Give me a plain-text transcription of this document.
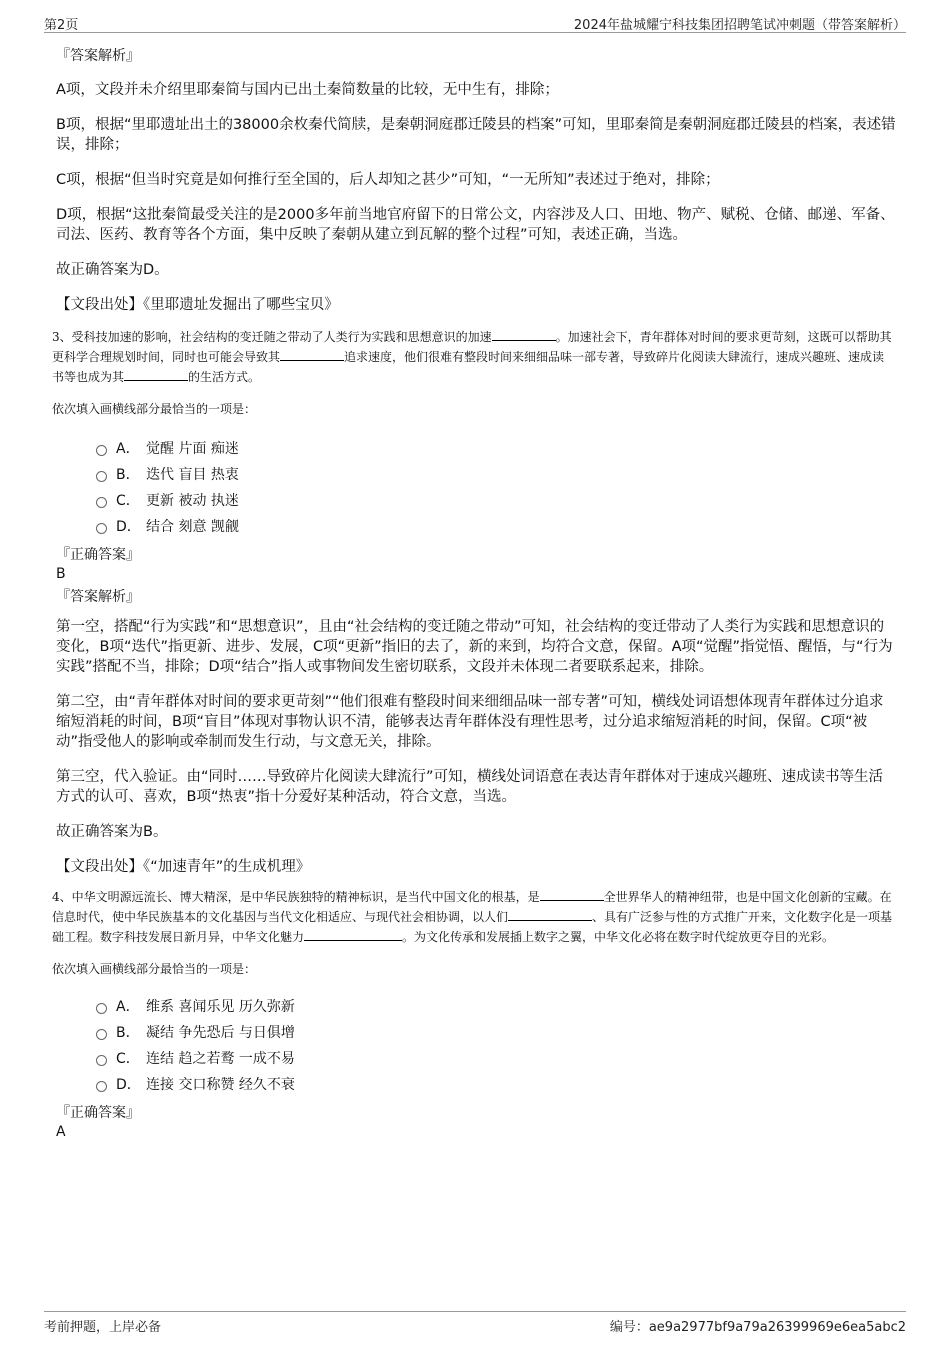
第2页	2024年盐城耀宁科技集团招聘笔试冲刺题（带答案解析）

『答案解析』

A项，文段并未介绍里耶秦简与国内已出土秦简数量的比较，无中生有，排除；

B项，根据“里耶遗址出土的38000余枚秦代简牍，是秦朝洞庭郡迁陵县的档案”可知，里耶秦简是秦朝洞庭郡迁陵县的档案，表述错误，排除；

C项，根据“但当时究竟是如何推行至全国的，后人却知之甚少”可知，“一无所知”表述过于绝对，排除；

D项，根据“这批秦简最受关注的是2000多年前当地官府留下的日常公文，内容涉及人口、田地、物产、赋税、仓储、邮递、军备、司法、医药、教育等各个方面，集中反映了秦朝从建立到瓦解的整个过程”可知，表述正确，当选。

故正确答案为D。

【文段出处】《里耶遗址发掘出了哪些宝贝》

3、受科技加速的影响，社会结构的变迁随之带动了人类行为实践和思想意识的加速	。加速社会下，青年群体对时间的要求更苛刻，这既可以帮助其更科学合理规划时间，同时也可能会导致其	追求速度，他们很难有整段时间来细细品味一部专著，导致碎片化阅读大肆流行，速成兴趣班、速成读书等也成为其	的生活方式。

依次填入画横线部分最恰当的一项是：

A． 觉醒 片面 痴迷
B． 迭代 盲目 热衷
C． 更新 被动 执迷
D． 结合 刻意 觊觎

『正确答案』

B

『答案解析』

第一空，搭配“行为实践”和“思想意识”，且由“社会结构的变迁随之带动”可知，社会结构的变迁带动了人类行为实践和思想意识的变化，B项“迭代”指更新、进步、发展，C项“更新”指旧的去了，新的来到，均符合文意，保留。A项“觉醒”指觉悟、醒悟，与“行为实践”搭配不当，排除；D项“结合”指人或事物间发生密切联系，文段并未体现二者要联系起来，排除。

第二空，由“青年群体对时间的要求更苛刻”“他们很难有整段时间来细细品味一部专著”可知，横线处词语想体现青年群体过分追求缩短消耗的时间，B项“盲目”体现对事物认识不清，能够表达青年群体没有理性思考，过分追求缩短消耗的时间，保留。C项“被动”指受他人的影响或牵制而发生行动，与文意无关，排除。

第三空，代入验证。由“同时……导致碎片化阅读大肆流行”可知，横线处词语意在表达青年群体对于速成兴趣班、速成读书等生活方式的认可、喜欢，B项“热衷”指十分爱好某种活动，符合文意，当选。

故正确答案为B。

【文段出处】《“加速青年”的生成机理》

4、中华文明源远流长、博大精深，是中华民族独特的精神标识，是当代中国文化的根基，是	全世界华人的精神纽带，也是中国文化创新的宝藏。在信息时代，使中华民族基本的文化基因与当代文化相适应、与现代社会相协调，以人们	、具有广泛参与性的方式推广开来，文化数字化是一项基础工程。数字科技发展日新月异，中华文化魅力	。为文化传承和发展插上数字之翼，中华文化必将在数字时代绽放更夺目的光彩。

依次填入画横线部分最恰当的一项是：

A． 维系 喜闻乐见 历久弥新
B． 凝结 争先恐后 与日俱增
C． 连结 趋之若鹜 一成不易
D． 连接 交口称赞 经久不衰

『正确答案』

A

考前押题，上岸必备	编号：ae9a2977bf9a79a26399969e6ea5abc2
